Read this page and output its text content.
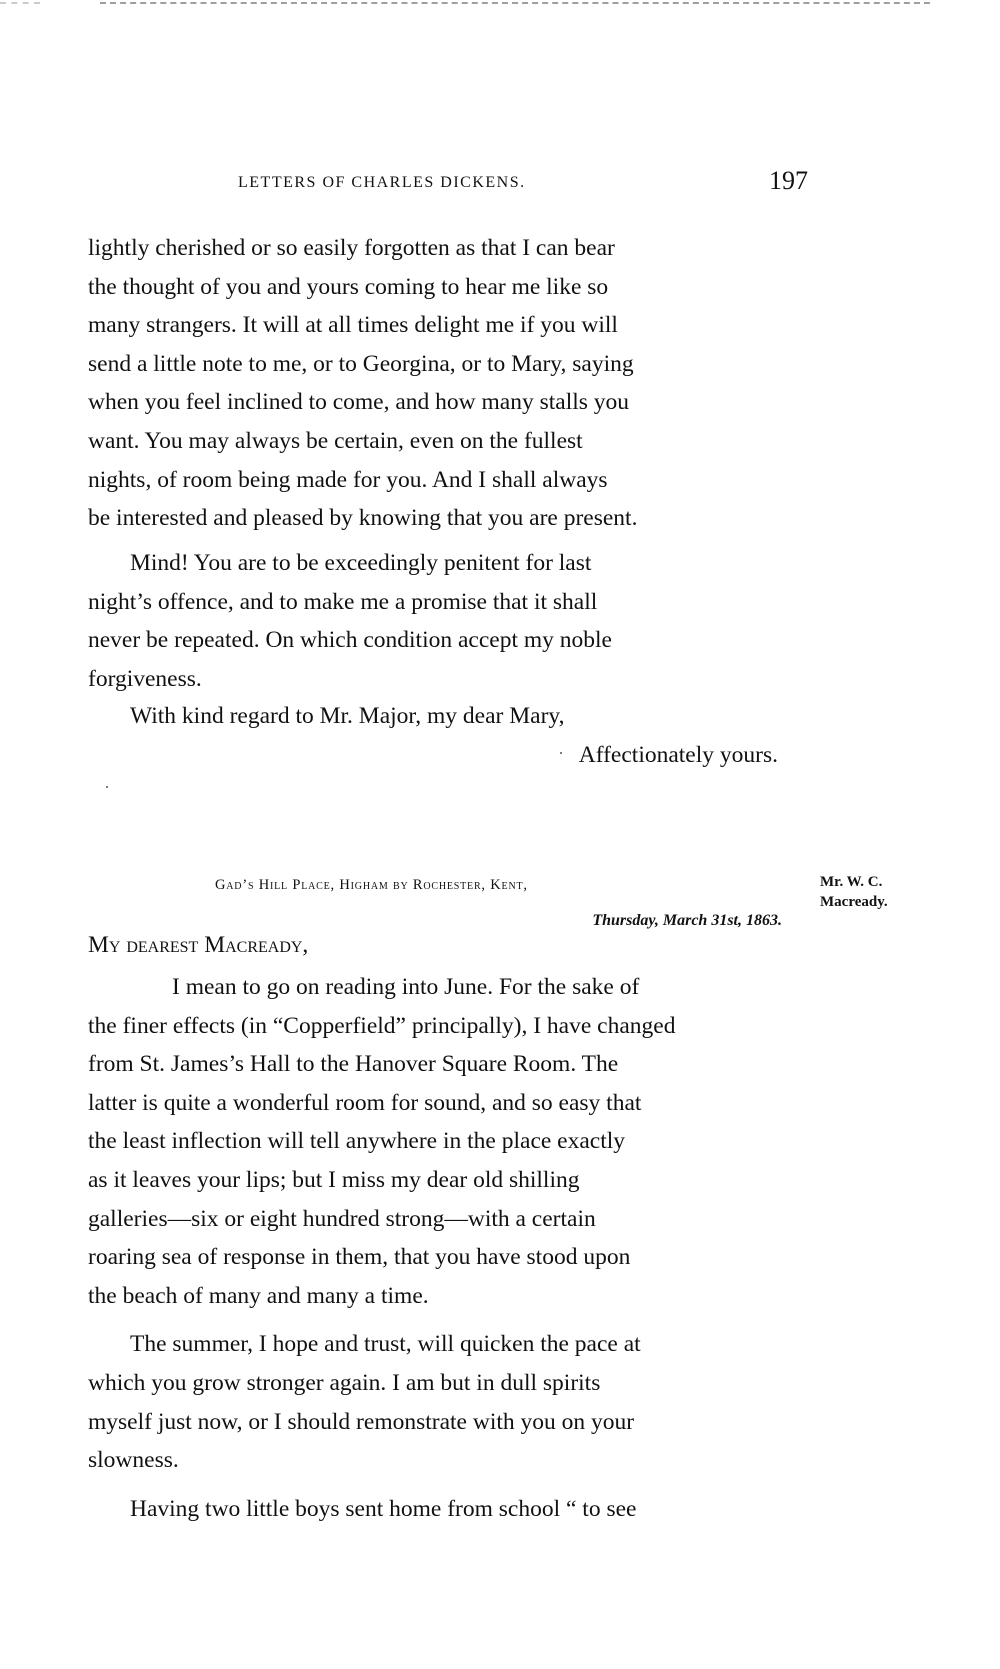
LETTERS OF CHARLES DICKENS.	197

lightly cherished or so easily forgotten as that I can bear

the thought of you and yours coming to hear me like so

many strangers. It will at all times delight me if you will

send a little note to me, or to Georgina, or to Mary, saying

when you feel inclined to come, and how many stalls you

want. You may always be certain, even on the fullest

nights, of room being made for you. And I shall always

be interested and pleased by knowing that you are present.

Mind! You are to be exceedingly penitent for last

night’s offence, and to make me a promise that it shall

never be repeated. On which condition accept my noble

forgiveness.

With kind regard to Mr. Major, my dear Mary,

Affectionately yours.

Gad’s Hill Place, Higham by Rochester, Kent,
Thursday, March 31st, 1863.
Mr. W. C.
Macready.
My dearest Macready,

I mean to go on reading into June. For the sake of

the finer effects (in “Copperfield” principally), I have changed

from St. James’s Hall to the Hanover Square Room. The

latter is quite a wonderful room for sound, and so easy that

the least inflection will tell anywhere in the place exactly

as it leaves your lips; but I miss my dear old shilling

galleries—six or eight hundred strong—with a certain

roaring sea of response in them, that you have stood upon

the beach of many and many a time.

The summer, I hope and trust, will quicken the pace at

which you grow stronger again. I am but in dull spirits

myself just now, or I should remonstrate with you on your

slowness.

Having two little boys sent home from school “ to see
